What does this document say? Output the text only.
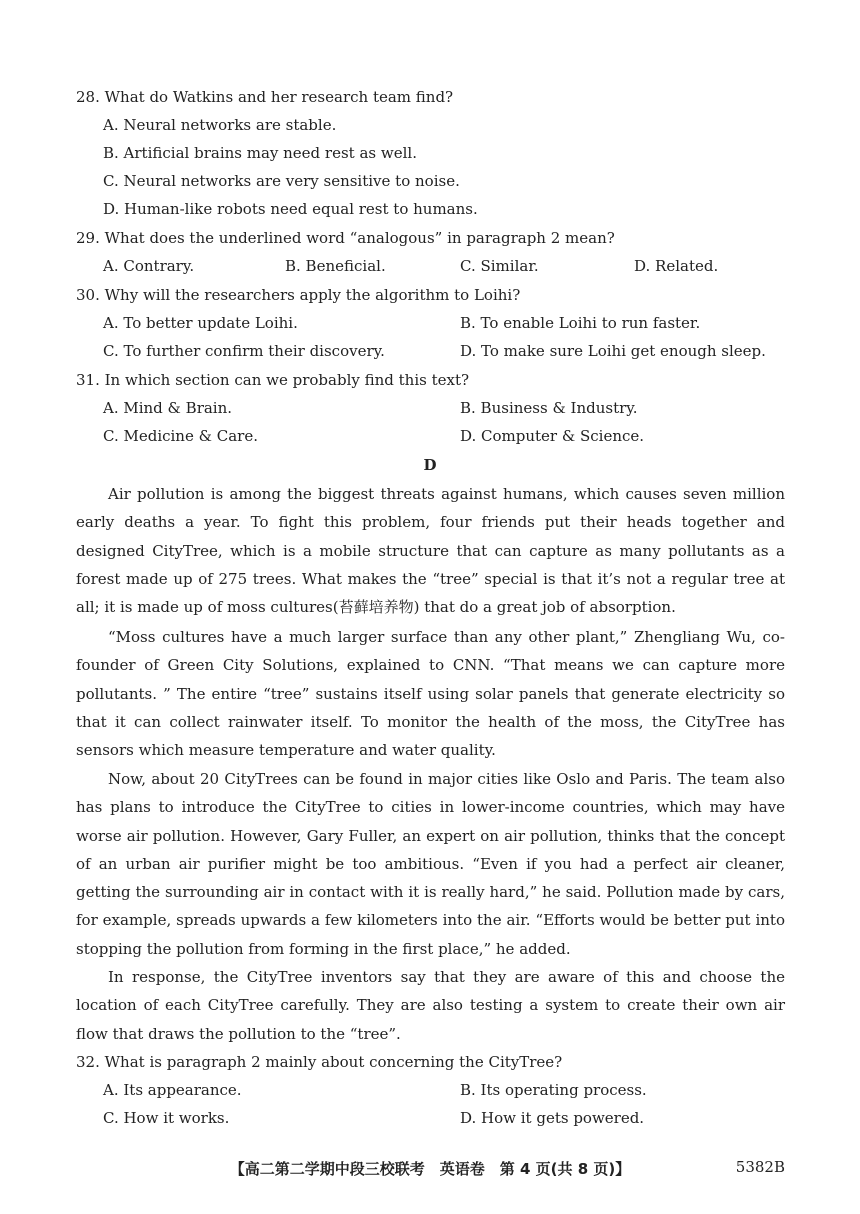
28. What do Watkins and her research team find?
A. Neural networks are stable.
B. Artificial brains may need rest as well.
C. Neural networks are very sensitive to noise.
D. Human-like robots need equal rest to humans.
29. What does the underlined word “analogous” in paragraph 2 mean?
A. Contrary.	B. Beneficial.	C. Similar.	D. Related.
30. Why will the researchers apply the algorithm to Loihi?
A. To better update Loihi.	B. To enable Loihi to run faster.
C. To further confirm their discovery.	D. To make sure Loihi get enough sleep.
31. In which section can we probably find this text?
A. Mind & Brain.	B. Business & Industry.
C. Medicine & Care.	D. Computer & Science.
D

Air pollution is among the biggest threats against humans, which causes seven million early deaths a year. To fight this problem, four friends put their heads together and designed CityTree, which is a mobile structure that can capture as many pollutants as a forest made up of 275 trees. What makes the “tree” special is that it’s not a regular tree at all; it is made up of moss cultures(苔藓培养物) that do a great job of absorption.

“Moss cultures have a much larger surface than any other plant,” Zhengliang Wu, co-founder of Green City Solutions, explained to CNN. “That means we can capture more pollutants. ” The entire “tree” sustains itself using solar panels that generate electricity so that it can collect rainwater itself. To monitor the health of the moss, the CityTree has sensors which measure temperature and water quality.

Now, about 20 CityTrees can be found in major cities like Oslo and Paris. The team also has plans to introduce the CityTree to cities in lower-income countries, which may have worse air pollution. However, Gary Fuller, an expert on air pollution, thinks that the concept of an urban air purifier might be too ambitious. “Even if you had a perfect air cleaner, getting the surrounding air in contact with it is really hard,” he said. Pollution made by cars, for example, spreads upwards a few kilometers into the air. “Efforts would be better put into stopping the pollution from forming in the first place,” he added.

In response, the CityTree inventors say that they are aware of this and choose the location of each CityTree carefully. They are also testing a system to create their own air flow that draws the pollution to the “tree”.

32. What is paragraph 2 mainly about concerning the CityTree?
A. Its appearance.	B. Its operating process.
C. How it works.	D. How it gets powered.
【高二第二学期中段三校联考　英语卷　第 4 页(共 8 页)】	5382B
